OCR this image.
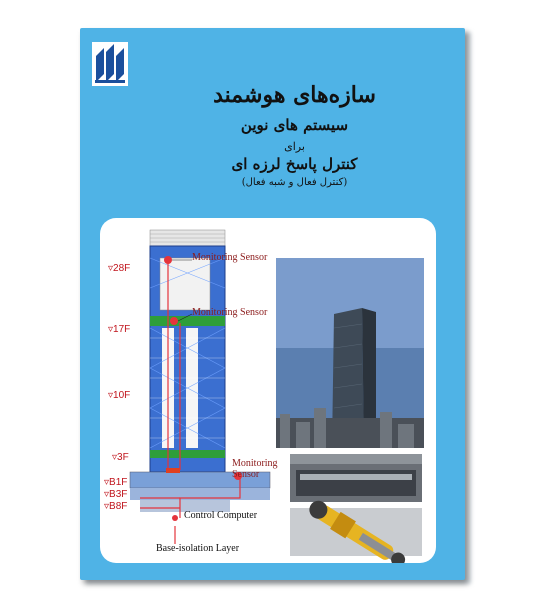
سازه‌های هوشمند
سیستم های نوین
برای
کنترل پاسخ لرزه ای
(کنترل فعال و شبه فعال)
▿28F
▿17F
▿10F
▿3F
▿B1F
▿B3F
▿B8F
Monitoring Sensor
Monitoring Sensor
Monitoring
Sensor
Control Computer
Base-isolation Layer
